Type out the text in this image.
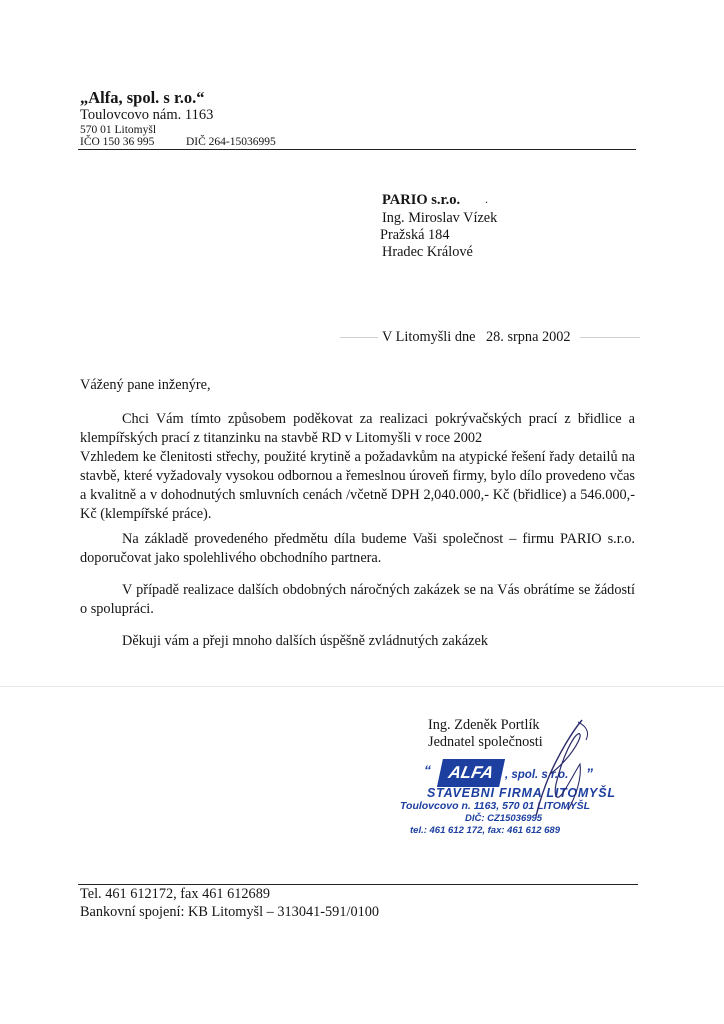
„Alfa, spol. s r.o.“
Toulovcovo nám. 1163
570 01 Litomyšl
IČO 150 36 995	DIČ 264-15036995
PARIO s.r.o. .
Ing. Miroslav Vízek
Pražská 184
Hradec Králové
V Litomyšli dne 28. srpna 2002
Vážený pane inženýre,

Chci Vám tímto způsobem poděkovat za realizaci pokrývačských prací z břidlice a klempířských prací z titanzinku na stavbě RD v Litomyšli v roce 2002

Vzhledem ke členitosti střechy, použité krytině a požadavkům na atypické řešení řady detailů na stavbě, které vyžadovaly vysokou odbornou a řemeslnou úroveň firmy, bylo dílo provedeno včas a kvalitně a v dohodnutých smluvních cenách /včetně DPH 2,040.000,- Kč (břidlice) a 546.000,- Kč (klempířské práce).

Na základě provedeného předmětu díla budeme Vaši společnost – firmu PARIO s.r.o. doporučovat jako spolehlivého obchodního partnera.

V případě realizace dalších obdobných náročných zakázek se na Vás obrátíme se žádostí o spolupráci.

Děkuji vám a přeji mnoho dalších úspěšně zvládnutých zakázek

Ing. Zdeněk Portlík
Jednatel společnosti
“ ALFA , spol. s r.o. ”
STAVEBNÍ FIRMA LITOMYŠL
Toulovcovo n. 1163, 570 01 LITOMYŠL
DIČ: CZ15036995
tel.: 461 612 172, fax: 461 612 689
Tel. 461 612172, fax 461 612689
Bankovní spojení: KB Litomyšl – 313041-591/0100
